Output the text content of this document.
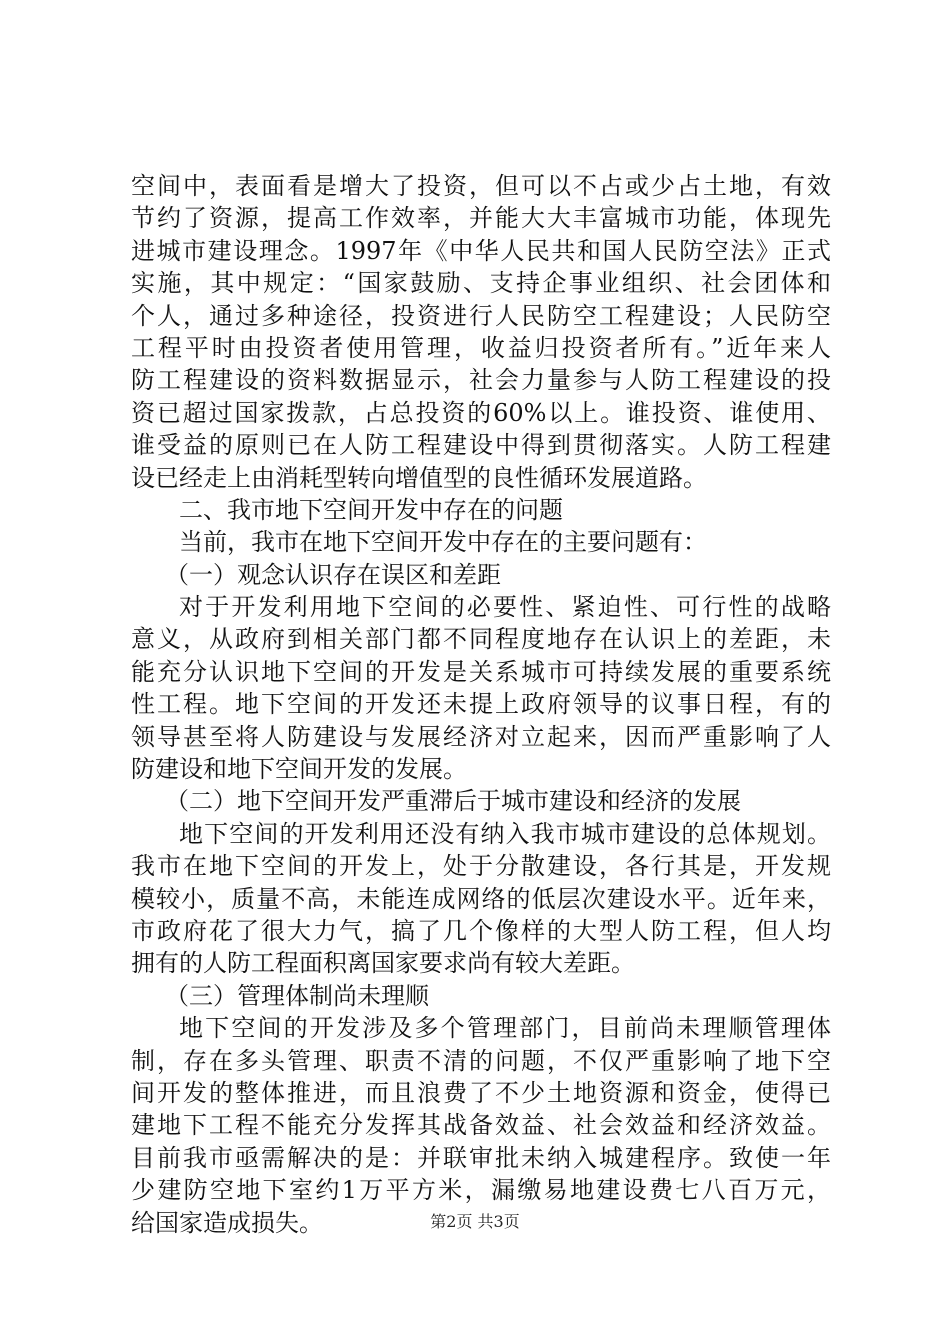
空间中，表面看是增大了投资，但可以不占或少占土地，有效
节约了资源，提高工作效率，并能大大丰富城市功能，体现先
进城市建设理念。1997年《中华人民共和国人民防空法》正式
实施，其中规定：“国家鼓励、支持企事业组织、社会团体和
个人，通过多种途径，投资进行人民防空工程建设；人民防空
工程平时由投资者使用管理，收益归投资者所有。”近年来人
防工程建设的资料数据显示，社会力量参与人防工程建设的投
资已超过国家拨款，占总投资的60%以上。谁投资、谁使用、
谁受益的原则已在人防工程建设中得到贯彻落实。人防工程建
设已经走上由消耗型转向增值型的良性循环发展道路。
二、我市地下空间开发中存在的问题
当前，我市在地下空间开发中存在的主要问题有：
（一）观念认识存在误区和差距
对于开发利用地下空间的必要性、紧迫性、可行性的战略
意义，从政府到相关部门都不同程度地存在认识上的差距，未
能充分认识地下空间的开发是关系城市可持续发展的重要系统
性工程。地下空间的开发还未提上政府领导的议事日程，有的
领导甚至将人防建设与发展经济对立起来，因而严重影响了人
防建设和地下空间开发的发展。
（二）地下空间开发严重滞后于城市建设和经济的发展
地下空间的开发利用还没有纳入我市城市建设的总体规划。
我市在地下空间的开发上，处于分散建设，各行其是，开发规
模较小，质量不高，未能连成网络的低层次建设水平。近年来，
市政府花了很大力气，搞了几个像样的大型人防工程，但人均
拥有的人防工程面积离国家要求尚有较大差距。
（三）管理体制尚未理顺
地下空间的开发涉及多个管理部门，目前尚未理顺管理体
制，存在多头管理、职责不清的问题，不仅严重影响了地下空
间开发的整体推进，而且浪费了不少土地资源和资金，使得已
建地下工程不能充分发挥其战备效益、社会效益和经济效益。
目前我市亟需解决的是：并联审批未纳入城建程序。致使一年
少建防空地下室约1万平方米，漏缴易地建设费七八百万元，
给国家造成损失。	第2页 共3页
